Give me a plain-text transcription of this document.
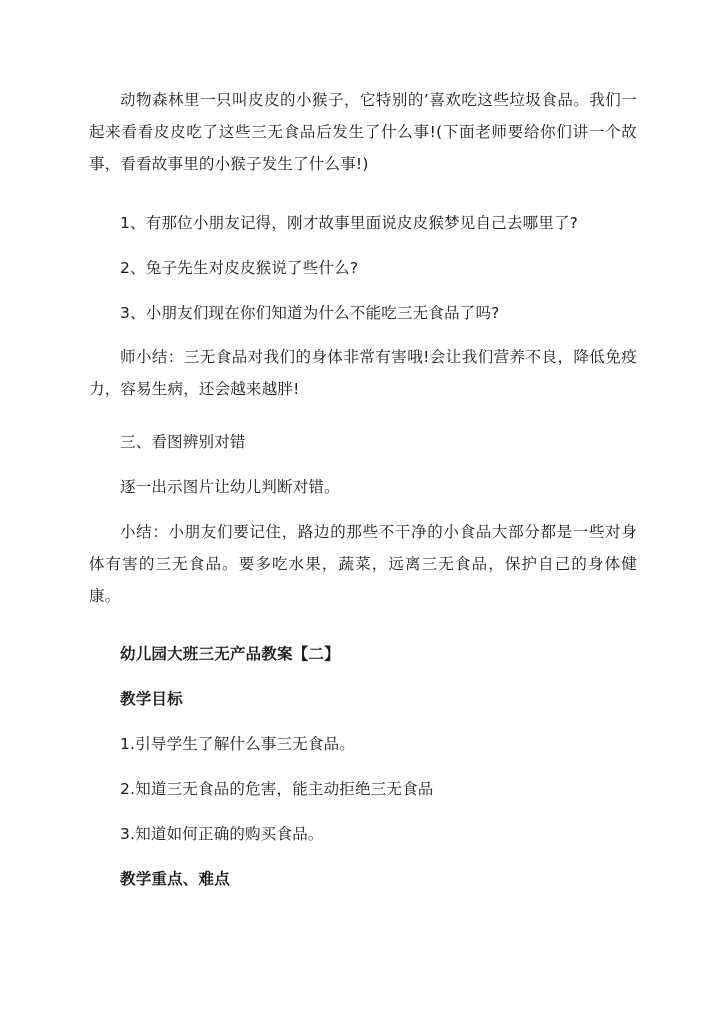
动物森林里一只叫皮皮的小猴子，它特别的’喜欢吃这些垃圾食品。我们一起来看看皮皮吃了这些三无食品后发生了什么事!(下面老师要给你们讲一个故事，看看故事里的小猴子发生了什么事!)
1、有那位小朋友记得，刚才故事里面说皮皮猴梦见自己去哪里了?
2、兔子先生对皮皮猴说了些什么?
3、小朋友们现在你们知道为什么不能吃三无食品了吗?
师小结：三无食品对我们的身体非常有害哦!会让我们营养不良，降低免疫力，容易生病，还会越来越胖!
三、看图辨别对错
逐一出示图片让幼儿判断对错。
小结：小朋友们要记住，路边的那些不干净的小食品大部分都是一些对身体有害的三无食品。要多吃水果，蔬菜，远离三无食品，保护自己的身体健康。
幼儿园大班三无产品教案【二】
教学目标
1.引导学生了解什么事三无食品。
2.知道三无食品的危害，能主动拒绝三无食品
3.知道如何正确的购买食品。
教学重点、难点
